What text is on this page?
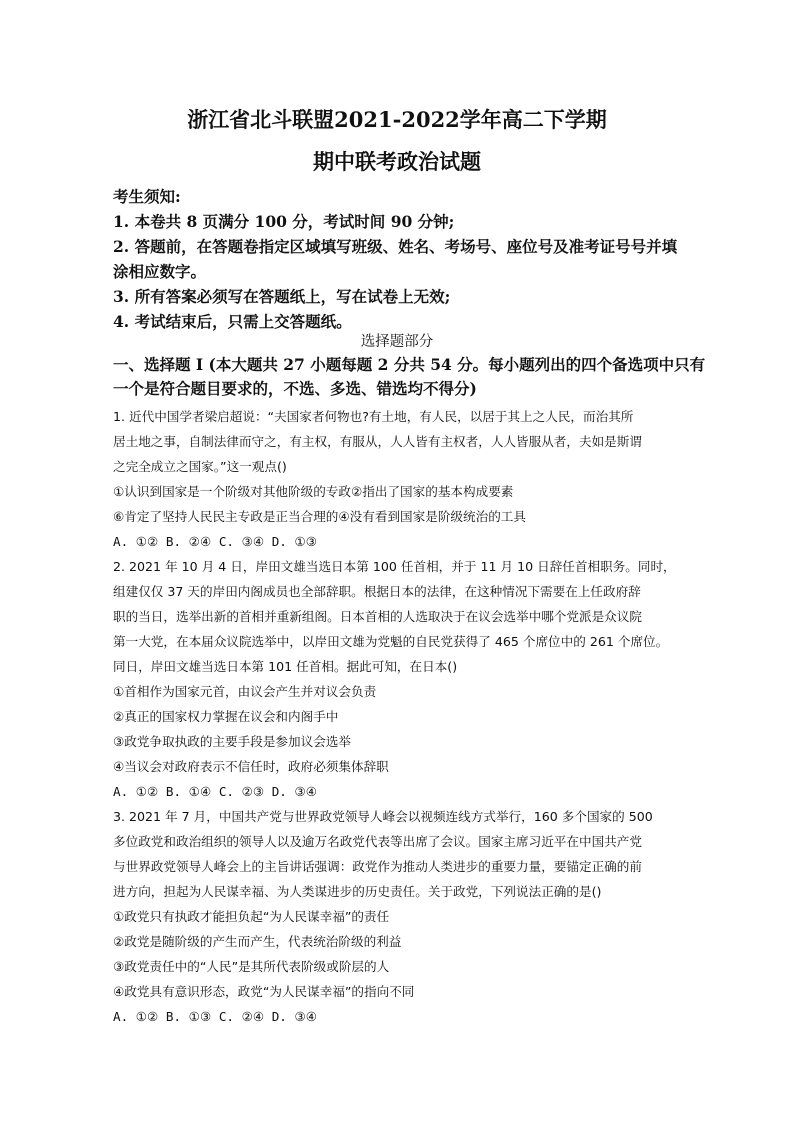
浙江省北斗联盟2021-2022学年高二下学期
期中联考政治试题
考生须知:
1. 本卷共 8 页满分 100 分，考试时间 90 分钟;
2. 答题前，在答题卷指定区域填写班级、姓名、考场号、座位号及准考证号号并填
涂相应数字。
3. 所有答案必须写在答题纸上，写在试卷上无效;
4. 考试结束后，只需上交答题纸。
选择题部分
一、选择题 I (本大题共 27 小题每题 2 分共 54 分。每小题列出的四个备选项中只有
一个是符合题目要求的，不选、多选、错选均不得分)
1. 近代中国学者梁启超说：“夫国家者何物也?有土地，有人民，以居于其上之人民，而治其所
居土地之事，自制法律而守之，有主权，有服从，人人皆有主权者，人人皆服从者，夫如是斯谓
之完全成立之国家。”这一观点()
①认识到国家是一个阶级对其他阶级的专政②指出了国家的基本构成要素
⑥肯定了坚持人民民主专政是正当合理的④没有看到国家是阶级统治的工具
A. ①② B. ②④ C. ③④ D. ①③
2. 2021 年 10 月 4 日，岸田文雄当选日本第 100 任首相，并于 11 月 10 日辞任首相职务。同时，
组建仅仅 37 天的岸田内阁成员也全部辞职。根据日本的法律，在这种情况下需要在上任政府辞
职的当日，选举出新的首相并重新组阁。日本首相的人选取决于在议会选举中哪个党派是众议院
第一大党，在本届众议院选举中，以岸田文雄为党魁的自民党获得了 465 个席位中的 261 个席位。
同日，岸田文雄当选日本第 101 任首相。据此可知，在日本()
①首相作为国家元首，由议会产生并对议会负责
②真正的国家权力掌握在议会和内阁手中
③政党争取执政的主要手段是参加议会选举
④当议会对政府表示不信任时，政府必须集体辞职
A. ①② B. ①④ C. ②③ D. ③④
3. 2021 年 7 月，中国共产党与世界政党领导人峰会以视频连线方式举行，160 多个国家的 500
多位政党和政治组织的领导人以及逾万名政党代表等出席了会议。国家主席习近平在中国共产党
与世界政党领导人峰会上的主旨讲话强调：政党作为推动人类进步的重要力量，要锚定正确的前
进方向，担起为人民谋幸福、为人类谋进步的历史责任。关于政党，下列说法正确的是()
①政党只有执政才能担负起“为人民谋幸福”的责任
②政党是随阶级的产生而产生，代表统治阶级的利益
③政党责任中的“人民”是其所代表阶级或阶层的人
④政党具有意识形态，政党“为人民谋幸福”的指向不同
A. ①② B. ①③ C. ②④ D. ③④
